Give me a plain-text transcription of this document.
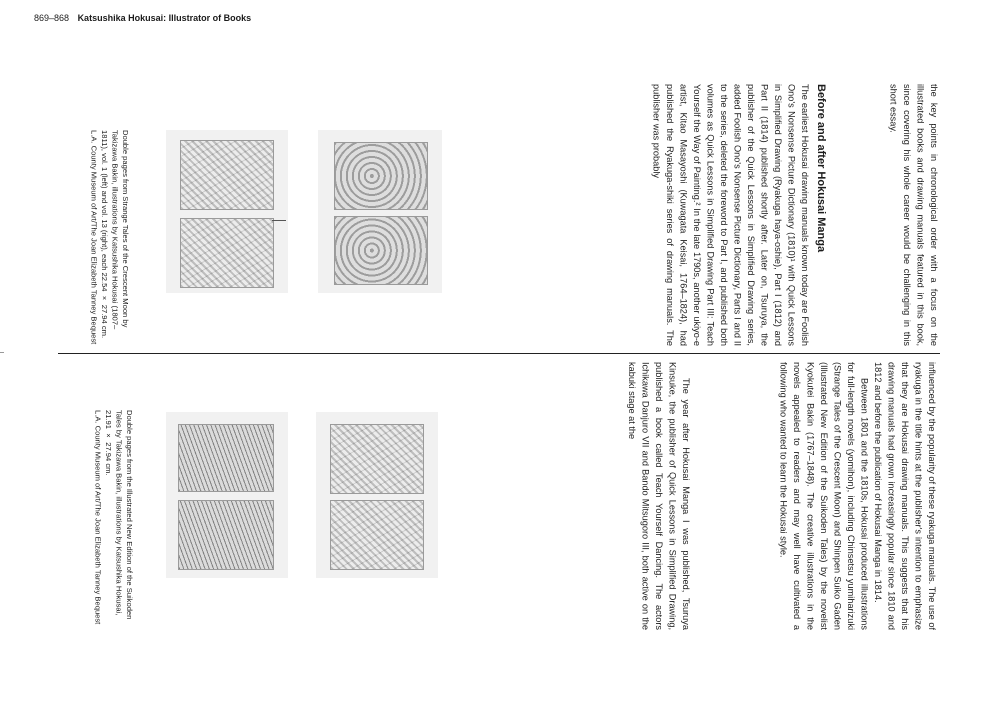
869–868 Katsushika Hokusai: Illustrator of Books

the key points in chronological order with a focus on the illustrated books and drawing manuals featured in this book, since covering his whole career would be challenging in this short essay.

Before and after Hokusai Manga

The earliest Hokusai drawing manuals known today are Foolish Ono's Nonsense Picture Dictionary (1810)¹ with Quick Lessons in Simplified Drawing (Ryakuga haya-oshie), Part I (1812) and Part II (1814) published shortly after. Later on, Tsuruya, the publisher of the Quick Lessons in Simplified Drawing series, added Foolish Ono's Nonsense Picture Dictionary, Parts I and II to the series, deleted the foreword to Part I, and published both volumes as Quick Lessons in Simplified Drawing Part III: Teach Yourself the Way of Painting.² In the late 1790s, another ukiyo-e artist, Kitao Masayoshi (Kuwagata Keisai, 1764–1824), had published the Ryakuga-shiki series of drawing manuals. The publisher was probably

Double pages from Strange Tales of the Crescent Moon by Takizawa Bakin, illustrations by Katsushika Hokusai (1807–1811), vol. 1 (left) and vol. 13 (right), each 22.54 × 27.94 cm.

L.A. County Museum of Art/The Joan Elizabeth Tanney Bequest

influenced by the popularity of these ryakuga manuals. The use of ryakuga in the title hints at the publisher's intention to emphasize that they are Hokusai drawing manuals. This suggests that his drawing manuals had grown increasingly popular since 1810 and 1812 and before the publication of Hokusai Manga in 1814.

Between 1801 and the 1810s, Hokusai produced illustrations for full-length novels (yomihon), including Chinsetsu yumiharizuki (Strange Tales of the Crescent Moon) and Shinpen Suiko Gaden (Illustrated New Edition of the Suikoden Tales) by the novelist Kyokutei Bakin (1767–1848). The creative illustrations in the novels appealed to readers and may well have cultivated a following who wanted to learn the Hokusai style.

The year after Hokusai Manga I was published, Tsuruya Kinsuke, the publisher of Quick Lessons in Simplified Drawing, published a book called Teach Yourself Dancing. The actors Ichikawa Danjuro VII and Bando Mitsugoro III, both active on the kabuki stage at the

Double pages from the Illustrated New Edition of the Suikoden Tales by Takizawa Bakin, illustrations by Katsushika Hokusai, 21.91 × 27.94 cm.

L.A. County Museum of Art/The Joan Elizabeth Tanney Bequest
